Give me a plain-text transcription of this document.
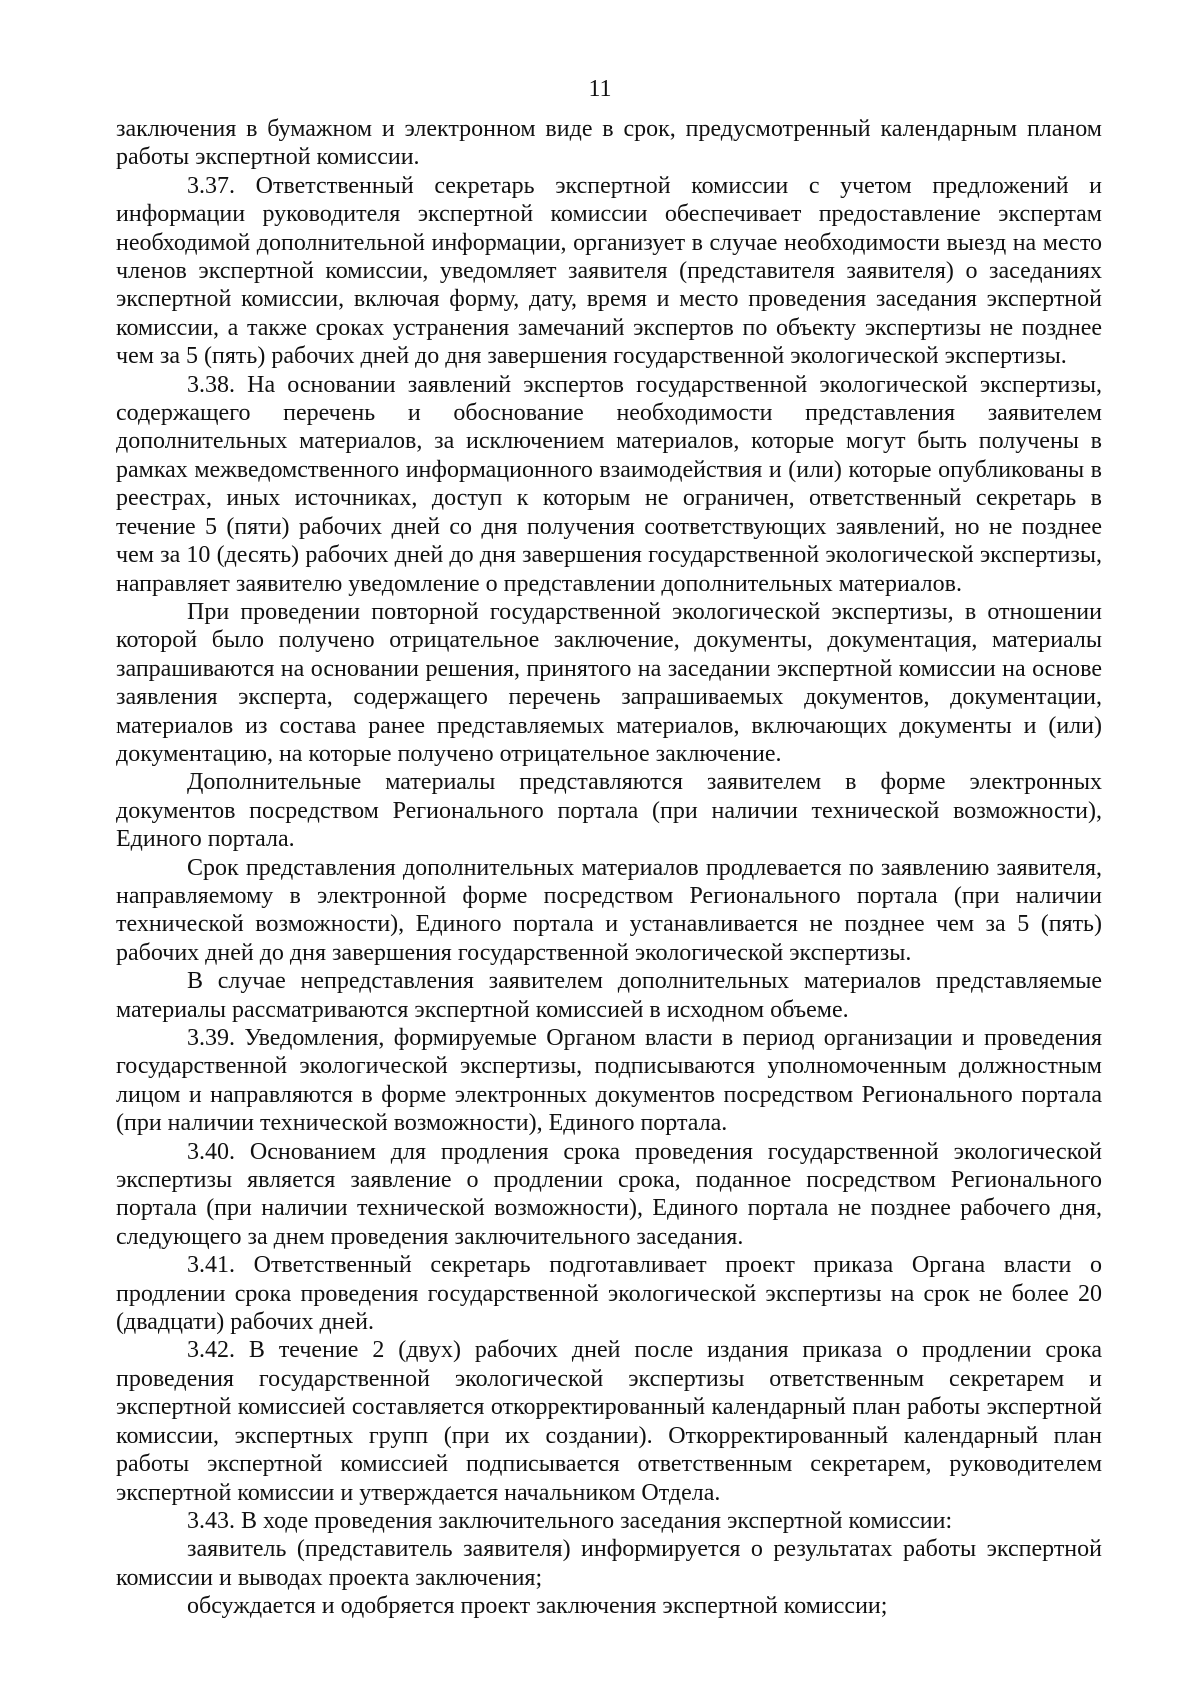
11

заключения в бумажном и электронном виде в срок, предусмотренный календарным планом работы экспертной комиссии.

3.37. Ответственный секретарь экспертной комиссии с учетом предложений и информации руководителя экспертной комиссии обеспечивает предоставление экспертам необходимой дополнительной информации, организует в случае необходимости выезд на место членов экспертной комиссии, уведомляет заявителя (представителя заявителя) о заседаниях экспертной комиссии, включая форму, дату, время и место проведения заседания экспертной комиссии, а также сроках устранения замечаний экспертов по объекту экспертизы не позднее чем за 5 (пять) рабочих дней до дня завершения государственной экологической экспертизы.

3.38. На основании заявлений экспертов государственной экологической экспертизы, содержащего перечень и обоснование необходимости представления заявителем дополнительных материалов, за исключением материалов, которые могут быть получены в рамках межведомственного информационного взаимодействия и (или) которые опубликованы в реестрах, иных источниках, доступ к которым не ограничен, ответственный секретарь в течение 5 (пяти) рабочих дней со дня получения соответствующих заявлений, но не позднее чем за 10 (десять) рабочих дней до дня завершения государственной экологической экспертизы, направляет заявителю уведомление о представлении дополнительных материалов.

При проведении повторной государственной экологической экспертизы, в отношении которой было получено отрицательное заключение, документы, документация, материалы запрашиваются на основании решения, принятого на заседании экспертной комиссии на основе заявления эксперта, содержащего перечень запрашиваемых документов, документации, материалов из состава ранее представляемых материалов, включающих документы и (или) документацию, на которые получено отрицательное заключение.

Дополнительные материалы представляются заявителем в форме электронных документов посредством Регионального портала (при наличии технической возможности), Единого портала.

Срок представления дополнительных материалов продлевается по заявлению заявителя, направляемому в электронной форме посредством Регионального портала (при наличии технической возможности), Единого портала и устанавливается не позднее чем за 5 (пять) рабочих дней до дня завершения государственной экологической экспертизы.

В случае непредставления заявителем дополнительных материалов представляемые материалы рассматриваются экспертной комиссией в исходном объеме.

3.39. Уведомления, формируемые Органом власти в период организации и проведения государственной экологической экспертизы, подписываются уполномоченным должностным лицом и направляются в форме электронных документов посредством Регионального портала (при наличии технической возможности), Единого портала.

3.40. Основанием для продления срока проведения государственной экологической экспертизы является заявление о продлении срока, поданное посредством Регионального портала (при наличии технической возможности), Единого портала не позднее рабочего дня, следующего за днем проведения заключительного заседания.

3.41. Ответственный секретарь подготавливает проект приказа Органа власти о продлении срока проведения государственной экологической экспертизы на срок не более 20 (двадцати) рабочих дней.

3.42. В течение 2 (двух) рабочих дней после издания приказа о продлении срока проведения государственной экологической экспертизы ответственным секретарем и экспертной комиссией составляется откорректированный календарный план работы экспертной комиссии, экспертных групп (при их создании). Откорректированный календарный план работы экспертной комиссией подписывается ответственным секретарем, руководителем экспертной комиссии и утверждается начальником Отдела.

3.43. В ходе проведения заключительного заседания экспертной комиссии:

заявитель (представитель заявителя) информируется о результатах работы экспертной комиссии и выводах проекта заключения;

обсуждается и одобряется проект заключения экспертной комиссии;
